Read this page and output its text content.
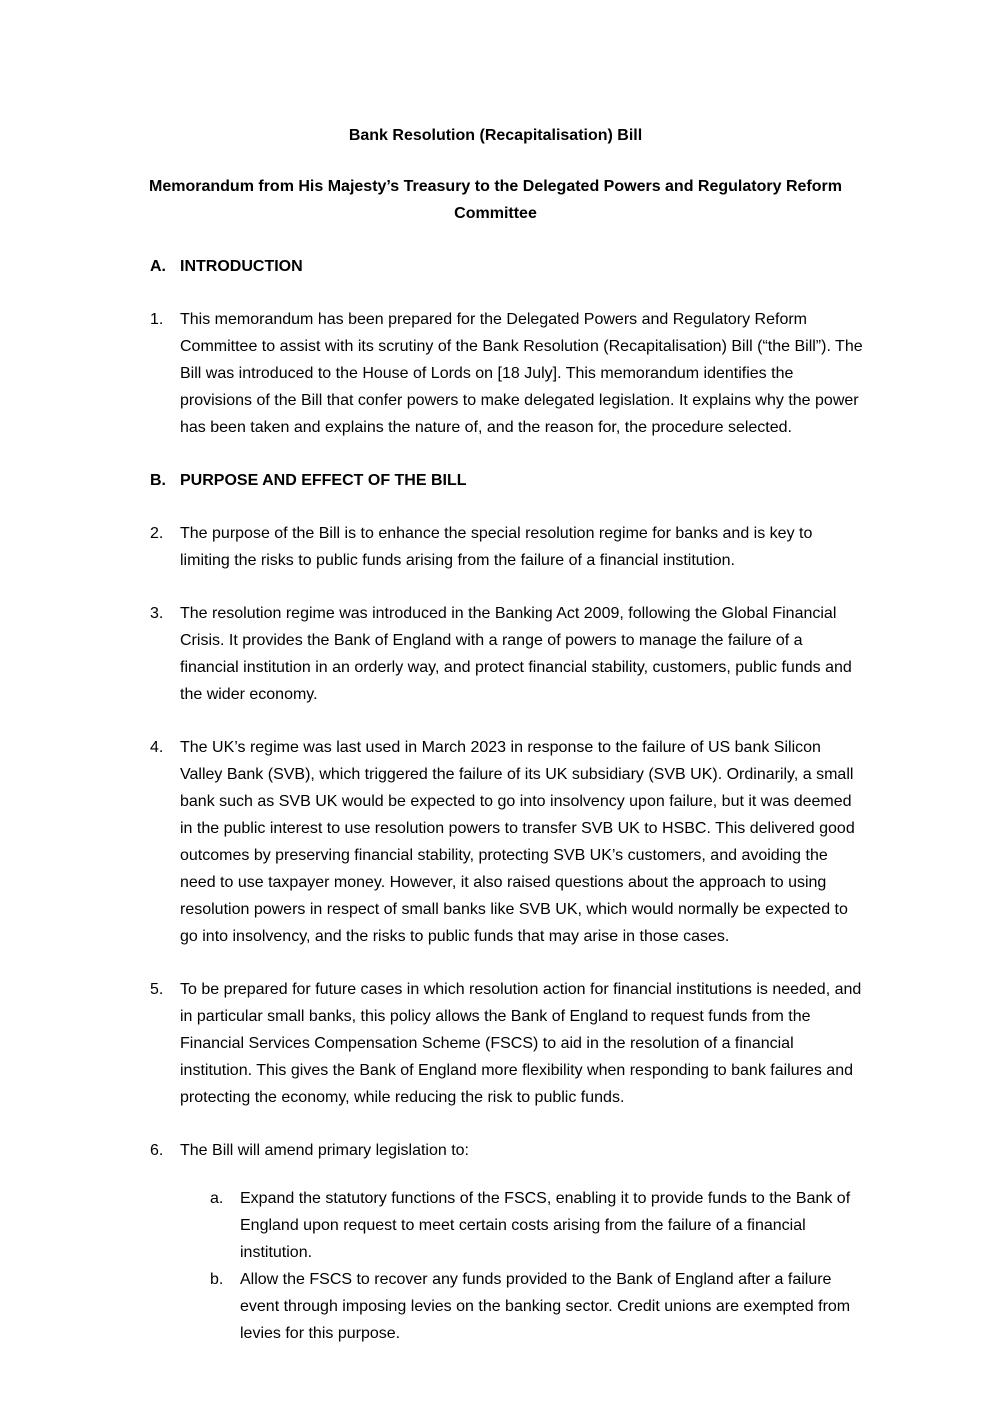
Bank Resolution (Recapitalisation) Bill
Memorandum from His Majesty’s Treasury to the Delegated Powers and Regulatory Reform Committee
A. INTRODUCTION
1.	This memorandum has been prepared for the Delegated Powers and Regulatory Reform Committee to assist with its scrutiny of the Bank Resolution (Recapitalisation) Bill (“the Bill”). The Bill was introduced to the House of Lords on [18 July]. This memorandum identifies the provisions of the Bill that confer powers to make delegated legislation. It explains why the power has been taken and explains the nature of, and the reason for, the procedure selected.
B. PURPOSE AND EFFECT OF THE BILL
2.	The purpose of the Bill is to enhance the special resolution regime for banks and is key to limiting the risks to public funds arising from the failure of a financial institution.
3.	The resolution regime was introduced in the Banking Act 2009, following the Global Financial Crisis. It provides the Bank of England with a range of powers to manage the failure of a financial institution in an orderly way, and protect financial stability, customers, public funds and the wider economy.
4.	The UK’s regime was last used in March 2023 in response to the failure of US bank Silicon Valley Bank (SVB), which triggered the failure of its UK subsidiary (SVB UK). Ordinarily, a small bank such as SVB UK would be expected to go into insolvency upon failure, but it was deemed in the public interest to use resolution powers to transfer SVB UK to HSBC. This delivered good outcomes by preserving financial stability, protecting SVB UK’s customers, and avoiding the need to use taxpayer money. However, it also raised questions about the approach to using resolution powers in respect of small banks like SVB UK, which would normally be expected to go into insolvency, and the risks to public funds that may arise in those cases.
5.	To be prepared for future cases in which resolution action for financial institutions is needed, and in particular small banks, this policy allows the Bank of England to request funds from the Financial Services Compensation Scheme (FSCS) to aid in the resolution of a financial institution. This gives the Bank of England more flexibility when responding to bank failures and protecting the economy, while reducing the risk to public funds.
6.	The Bill will amend primary legislation to:
a.	Expand the statutory functions of the FSCS, enabling it to provide funds to the Bank of England upon request to meet certain costs arising from the failure of a financial institution.
b.	Allow the FSCS to recover any funds provided to the Bank of England after a failure event through imposing levies on the banking sector. Credit unions are exempted from levies for this purpose.
